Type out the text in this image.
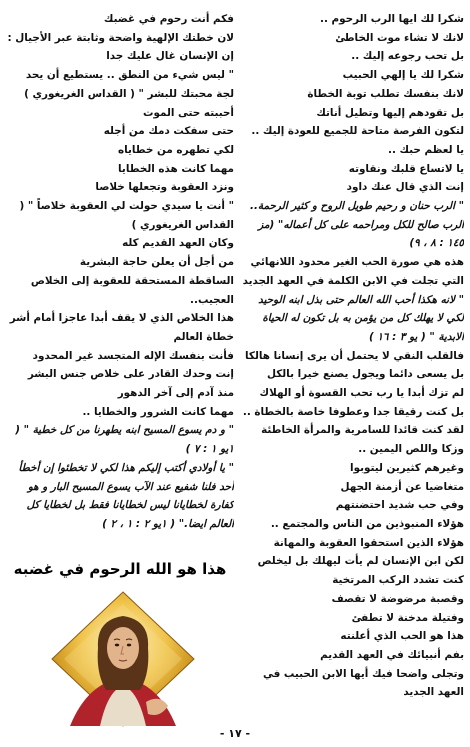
شكرا لك ايها الرب الرحوم ..
لانك لا تشاء موت الخاطئ
بل تحب رجوعه إليك ..
شكرا لك يا إلهي الحبيب
لانك بنفسك تطلب توبة الخطاة
بل تقودهم إليها وتطيل أناتك
لتكون الفرصة متاحة للجميع للعودة إليك ..
يا لعظم حبك ..
يا لاتساع قلبك ونقاوته
إنت الذي قال عنك داود
" الرب حنان و رحيم طويل الروح و كثير الرحمة..
الرب صالح للكل ومراحمه على كل أعماله" (مز ١٤٥ : ٨ ، ٩)
هذه هي صورة الحب الغير محدود اللانهائي
التي تجلت في الابن الكلمة في العهد الجديد
" لانه هكذا أحب الله العالم حتى بذل ابنه الوحيد لكي لا يهلك كل من يؤمن به بل تكون له الحياة الابدية " ( يو ٣ : ١٦ )
فالقلب النقي لا يحتمل أن يرى إنسانا هالكا
بل يسعى دائما ويجول يصنع خيرا بالكل
لم تزك أبدا يا رب تحب القسوة أو الهلاك
بل كنت رقيقا جدا وعطوفا خاصة بالخطاة ..
لقد كنت قائدا للسامرية والمرأة الخاطئة
وزكا واللص اليمين ..
وغيرهم كثيرين ليتوبوا
متغاضيا عن أزمنة الجهل
وفي حب شديد احتضنتهم
هؤلاء المنبوذين من الناس والمجتمع ..
هؤلاء الذين استحقوا العقوبة والمهانة
لكن ابن الإنسان لم يأت ليهلك بل ليخلص
كنت تشدد الركب المرتخية
وقصبة مرضوضة لا تقصف
وفتيلة مدخنة لا تطفئ
هذا هو الحب الذي أعلنته
بفم أنبيائك في العهد القديم
وتجلى واضحا فيك أيها الابن الحبيب في العهد الجديد
فكم أنت رحوم في غضبك
لان خطتك الإلهية واضحة وثابتة عبر الأجيال :
إن الإنسان غال عليك جدا
" ليس شيء من النطق .. يستطيع أن يحد لجة محبتك للبشر " ( القداس الغريغوري )
أحببته حتى الموت
حتى سفكت دمك من أجله
لكي تطهره من خطاياه
مهما كانت هذه الخطايا
ونزد العقوبة وتجعلها خلاصا
" أنت يا سيدي حولت لي العقوبة خلاصاً " ( القداس الغريغوري )
وكان العهد القديم كله
من أجل أن يعلن حاجة البشرية
الساقطة المستحقة للعقوبة إلى الخلاص العجيب..
هذا الخلاص الذي لا يقف أبدا عاجزا أمام أشر خطاة العالم
فأنت بنفسك الإله المتجسد غير المحدود
إنت وحدك القادر على خلاص جنس البشر
منذ آدم إلى آخر الدهور
مهما كانت الشرور والخطايا ..
" و دم يسوع المسيح ابنه يطهرنا من كل خطية " ( ١يو ١ : ٧ )
" يا أولادي أكتب إليكم هذا لكي لا تخطئوا إن أخطأ أحد فلنا شفيع عند الآب يسوع المسيح البار و هو كفارة لخطايانا ليس لخطايانا فقط بل لخطايا كل العالم ايضا." ( ١يو ٢ : ١ ، ٢ )
هذا هو الله الرحوم في غضبه
- ١٧ -
